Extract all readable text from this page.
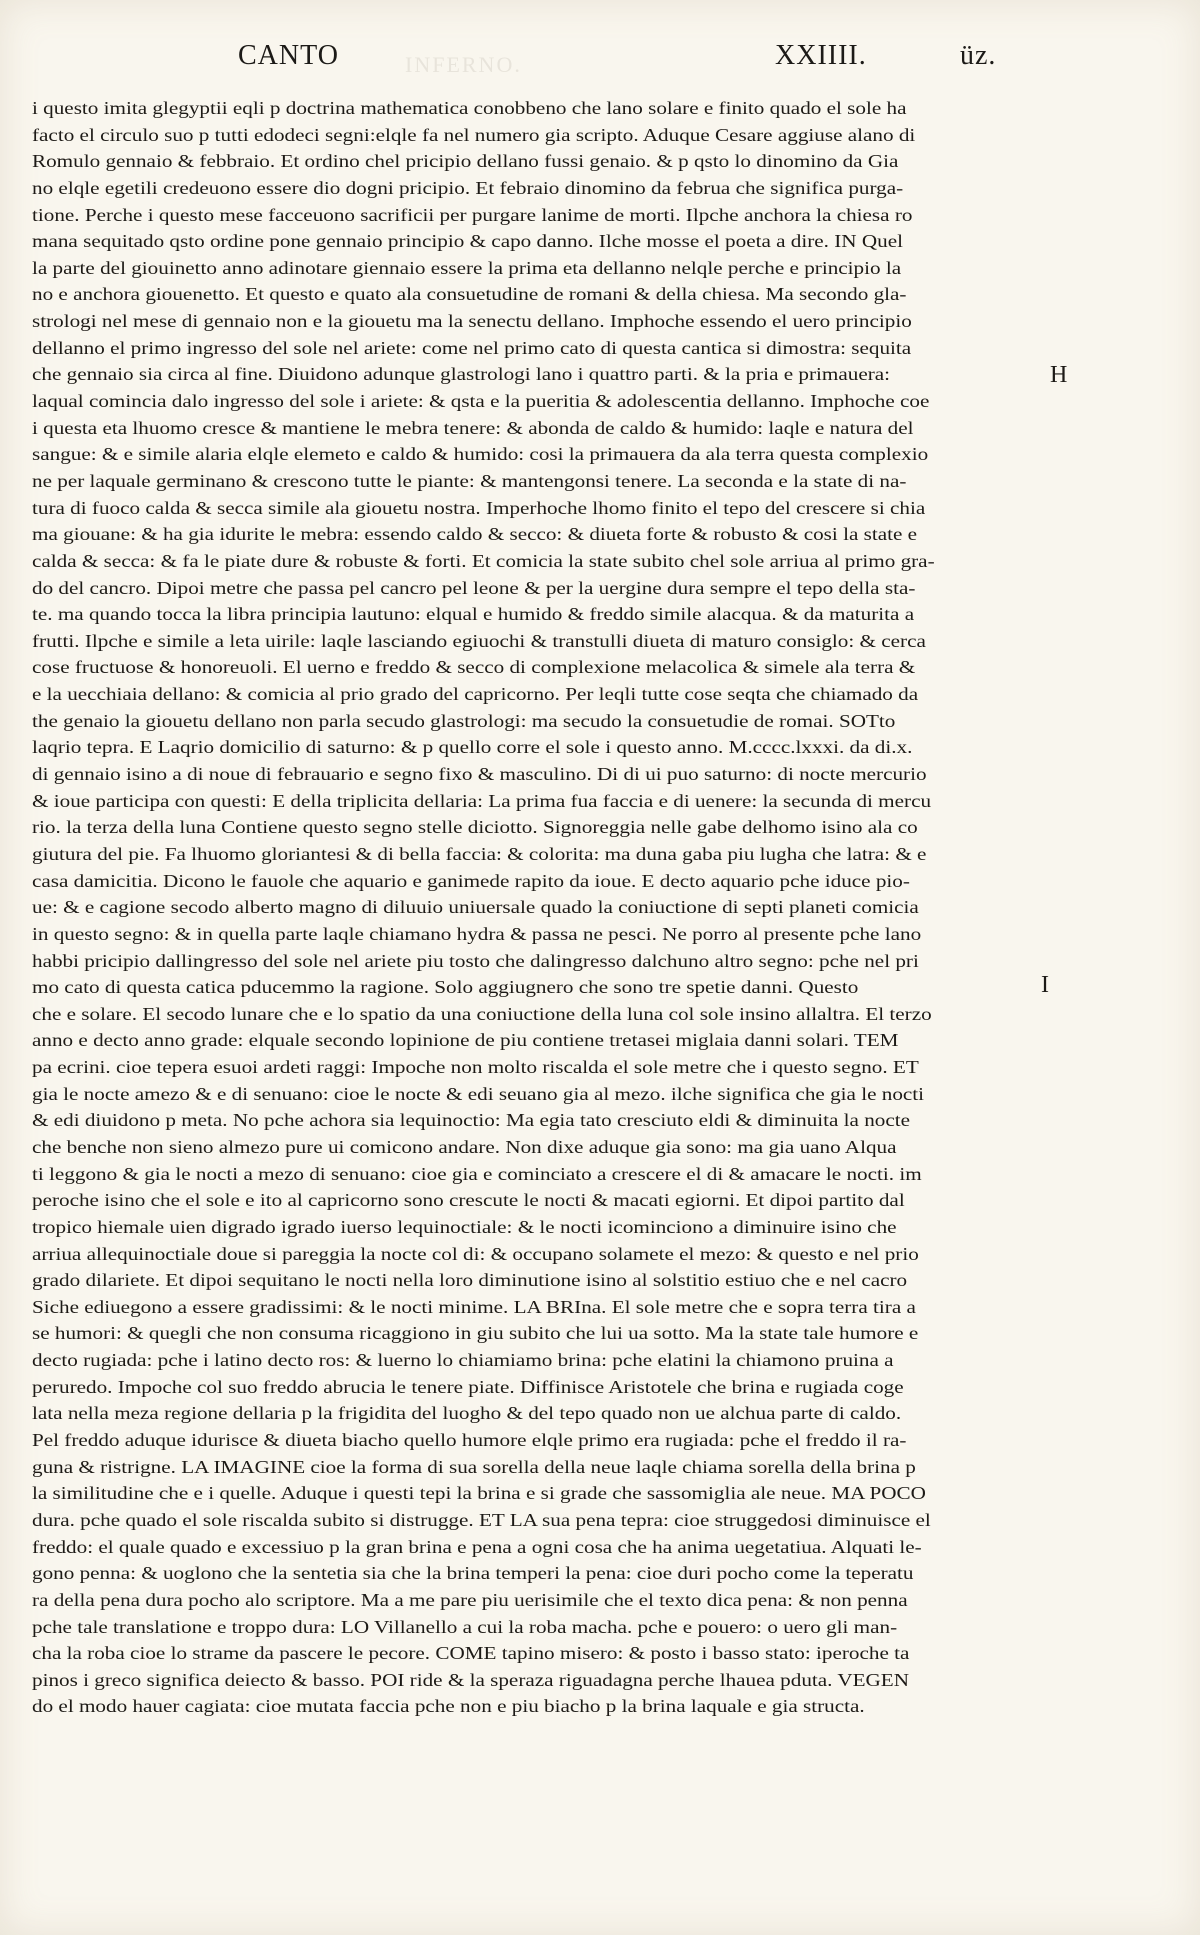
CANTO	INFERNO.	XXIIII.	üz.
i questo imita glegyptii eqli p doctrina mathematica conobbeno che lano solare e finito quado el sole ha
facto el circulo suo p tutti edodeci segni:elqle fa nel numero gia scripto. Aduque Cesare aggiuse alano di
Romulo gennaio & febbraio. Et ordino chel pricipio dellano fussi genaio. & p qsto lo dinomino da Gia
no elqle egetili credeuono essere dio dogni pricipio. Et febraio dinomino da februa che significa purga-
tione. Perche i questo mese facceuono sacrificii per purgare lanime de morti. Ilpche anchora la chiesa ro
mana sequitado qsto ordine pone gennaio principio & capo danno. Ilche mosse el poeta a dire. IN Quel
la parte del giouinetto anno adinotare giennaio essere la prima eta dellanno nelqle perche e principio la
no e anchora giouenetto. Et questo e quato ala consuetudine de romani & della chiesa. Ma secondo gla-
strologi nel mese di gennaio non e la giouetu ma la senectu dellano. Imphoche essendo el uero principio
dellanno el primo ingresso del sole nel ariete: come nel primo cato di questa cantica si dimostra: sequita
che gennaio sia circa al fine. Diuidono adunque glastrologi lano i quattro parti. & la pria e primauera:
laqual comincia dalo ingresso del sole i ariete: & qsta e la pueritia & adolescentia dellanno. Imphoche coe
i questa eta lhuomo cresce & mantiene le mebra tenere: & abonda de caldo & humido: laqle e natura del
sangue: & e simile alaria elqle elemeto e caldo & humido: cosi la primauera da ala terra questa complexio
ne per laquale germinano & crescono tutte le piante: & mantengonsi tenere. La seconda e la state di na-
tura di fuoco calda & secca simile ala giouetu nostra. Imperhoche lhomo finito el tepo del crescere si chia
ma giouane: & ha gia idurite le mebra: essendo caldo & secco: & diueta forte & robusto & cosi la state e
calda & secca: & fa le piate dure & robuste & forti. Et comicia la state subito chel sole arriua al primo gra-
do del cancro. Dipoi metre che passa pel cancro pel leone & per la uergine dura sempre el tepo della sta-
te. ma quando tocca la libra principia lautuno: elqual e humido & freddo simile alacqua. & da maturita a
frutti. Ilpche e simile a leta uirile: laqle lasciando egiuochi & transtulli diueta di maturo consiglo: & cerca
cose fructuose & honoreuoli. El uerno e freddo & secco di complexione melacolica & simele ala terra &
e la uecchiaia dellano: & comicia al prio grado del capricorno. Per leqli tutte cose seqta che chiamado da
the genaio la giouetu dellano non parla secudo glastrologi: ma secudo la consuetudie de romai. SOTto
laqrio tepra. E Laqrio domicilio di saturno: & p quello corre el sole i questo anno. M.cccc.lxxxi. da di.x.
di gennaio isino a di noue di febrauario e segno fixo & masculino. Di di ui puo saturno: di nocte mercurio
& ioue participa con questi: E della triplicita dellaria: La prima fua faccia e di uenere: la secunda di mercu
rio. la terza della luna Contiene questo segno stelle diciotto. Signoreggia nelle gabe delhomo isino ala co
giutura del pie. Fa lhuomo gloriantesi & di bella faccia: & colorita: ma duna gaba piu lugha che latra: & e
casa damicitia. Dicono le fauole che aquario e ganimede rapito da ioue. E decto aquario pche iduce pio-
ue: & e cagione secodo alberto magno di diluuio uniuersale quado la coniuctione di septi planeti comicia
in questo segno: & in quella parte laqle chiamano hydra & passa ne pesci. Ne porro al presente pche lano
habbi pricipio dallingresso del sole nel ariete piu tosto che dalingresso dalchuno altro segno: pche nel pri
mo cato di questa catica pducemmo la ragione. Solo aggiugnero che sono tre spetie danni. Questo
che e solare. El secodo lunare che e lo spatio da una coniuctione della luna col sole insino allaltra. El terzo
anno e decto anno grade: elquale secondo lopinione de piu contiene tretasei miglaia danni solari. TEM
pa ecrini. cioe tepera esuoi ardeti raggi: Impoche non molto riscalda el sole metre che i questo segno. ET
gia le nocte amezo & e di senuano: cioe le nocte & edi seuano gia al mezo. ilche significa che gia le nocti
& edi diuidono p meta. No pche achora sia lequinoctio: Ma egia tato cresciuto eldi & diminuita la nocte
che benche non sieno almezo pure ui comicono andare. Non dixe aduque gia sono: ma gia uano Alqua
ti leggono & gia le nocti a mezo di senuano: cioe gia e cominciato a crescere el di & amacare le nocti. im
peroche isino che el sole e ito al capricorno sono crescute le nocti & macati egiorni. Et dipoi partito dal
tropico hiemale uien digrado igrado iuerso lequinoctiale: & le nocti icominciono a diminuire isino che
arriua allequinoctiale doue si pareggia la nocte col di: & occupano solamete el mezo: & questo e nel prio
grado dilariete. Et dipoi sequitano le nocti nella loro diminutione isino al solstitio estiuo che e nel cacro
Siche ediuegono a essere gradissimi: & le nocti minime. LA BRIna. El sole metre che e sopra terra tira a
se humori: & quegli che non consuma ricaggiono in giu subito che lui ua sotto. Ma la state tale humore e
decto rugiada: pche i latino decto ros: & luerno lo chiamiamo brina: pche elatini la chiamono pruina a
peruredo. Impoche col suo freddo abrucia le tenere piate. Diffinisce Aristotele che brina e rugiada coge
lata nella meza regione dellaria p la frigidita del luogho & del tepo quado non ue alchua parte di caldo.
Pel freddo aduque idurisce & diueta biacho quello humore elqle primo era rugiada: pche el freddo il ra-
guna & ristrigne. LA IMAGINE cioe la forma di sua sorella della neue laqle chiama sorella della brina p
la similitudine che e i quelle. Aduque i questi tepi la brina e si grade che sassomiglia ale neue. MA POCO
dura. pche quado el sole riscalda subito si distrugge. ET LA sua pena tepra: cioe struggedosi diminuisce el
freddo: el quale quado e excessiuo p la gran brina e pena a ogni cosa che ha anima uegetatiua. Alquati le-
gono penna: & uoglono che la sentetia sia che la brina temperi la pena: cioe duri pocho come la teperatu
ra della pena dura pocho alo scriptore. Ma a me pare piu uerisimile che el texto dica pena: & non penna
pche tale translatione e troppo dura: LO Villanello a cui la roba macha. pche e pouero: o uero gli man-
cha la roba cioe lo strame da pascere le pecore. COME tapino misero: & posto i basso stato: iperoche ta
pinos i greco significa deiecto & basso. POI ride & la speraza riguadagna perche lhauea pduta. VEGEN
do el modo hauer cagiata: cioe mutata faccia pche non e piu biacho p la brina laquale e gia structa.
H
I
